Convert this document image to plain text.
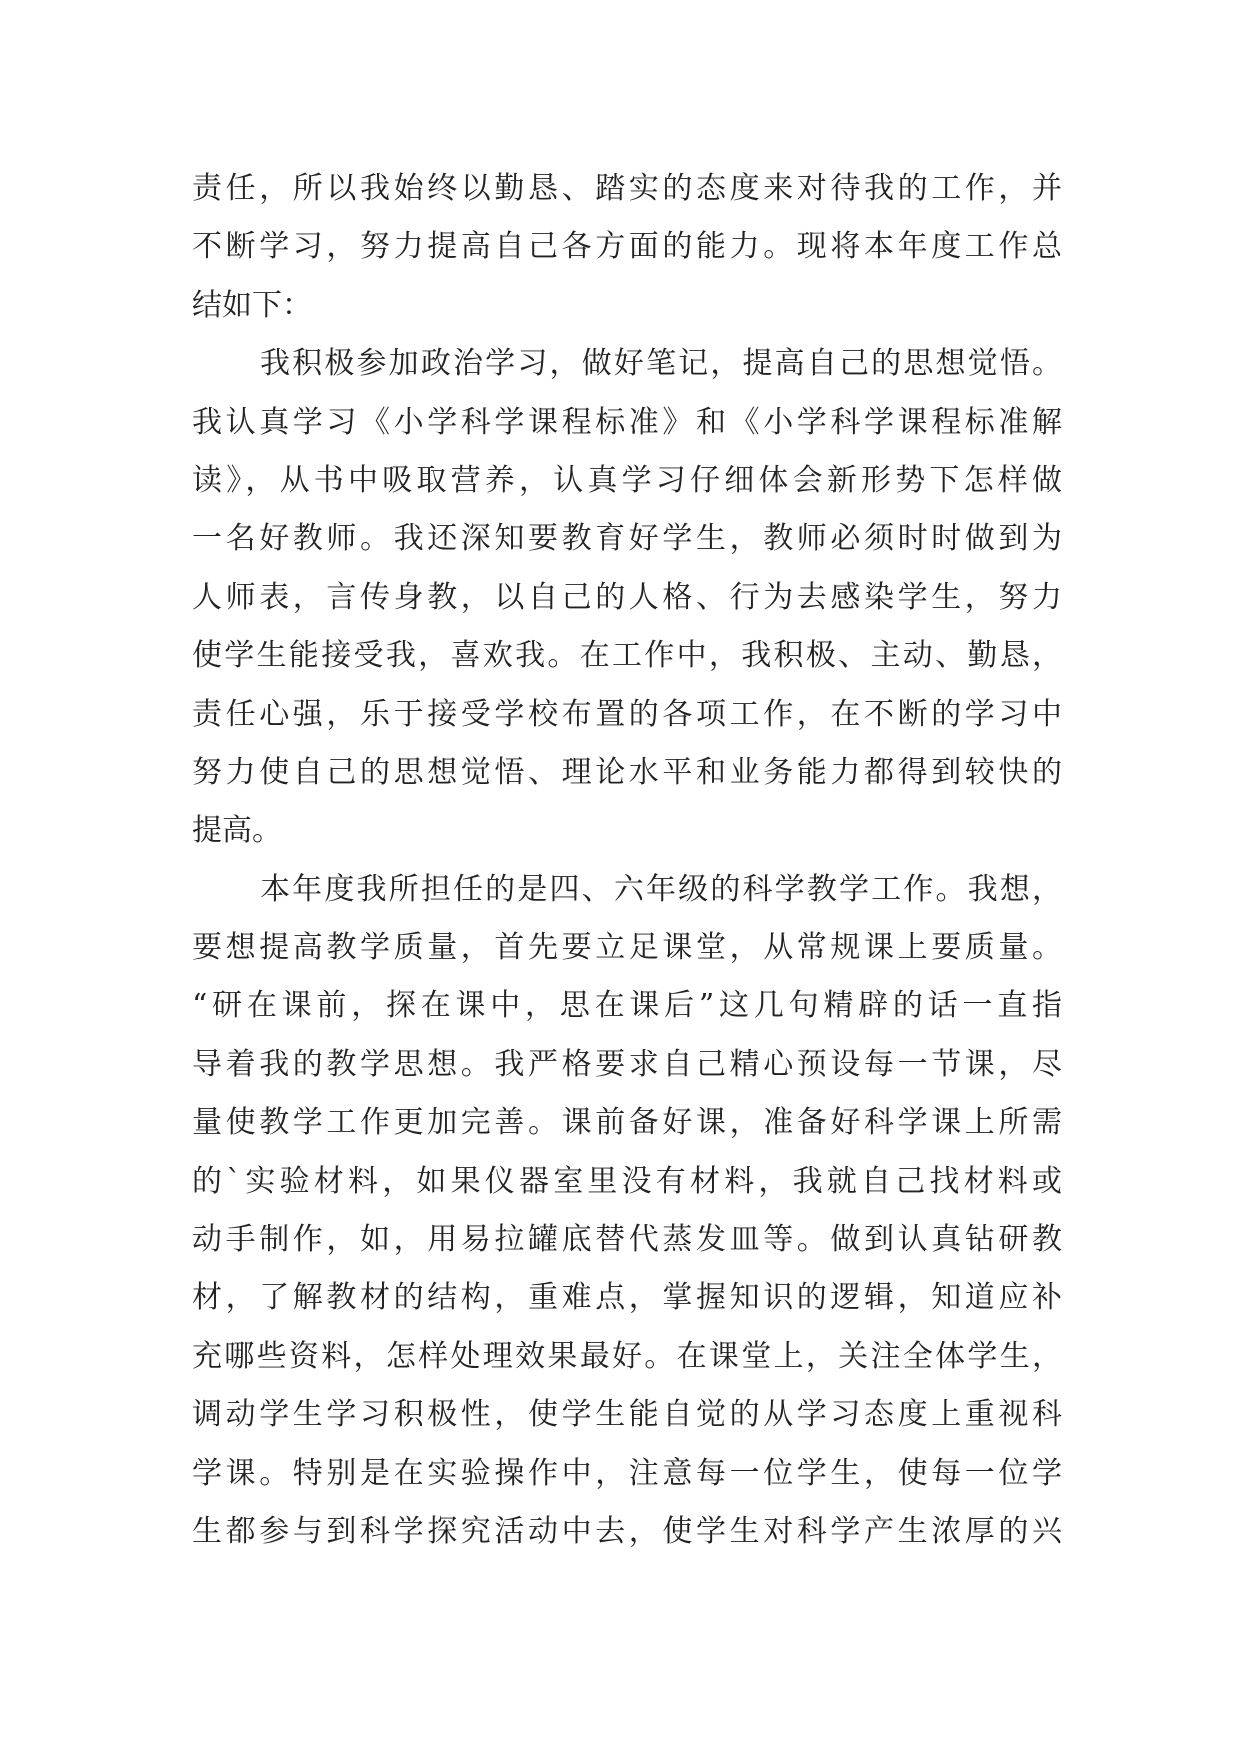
责任，所以我始终以勤恳、踏实的态度来对待我的工作，并
不断学习，努力提高自己各方面的能力。现将本年度工作总
结如下：
我积极参加政治学习，做好笔记，提高自己的思想觉悟。
我认真学习《小学科学课程标准》和《小学科学课程标准解
读》，从书中吸取营养，认真学习仔细体会新形势下怎样做
一名好教师。我还深知要教育好学生，教师必须时时做到为
人师表，言传身教，以自己的人格、行为去感染学生，努力
使学生能接受我，喜欢我。在工作中，我积极、主动、勤恳，
责任心强，乐于接受学校布置的各项工作，在不断的学习中
努力使自己的思想觉悟、理论水平和业务能力都得到较快的
提高。
本年度我所担任的是四、六年级的科学教学工作。我想，
要想提高教学质量，首先要立足课堂，从常规课上要质量。
“研在课前，探在课中，思在课后”这几句精辟的话一直指
导着我的教学思想。我严格要求自己精心预设每一节课，尽
量使教学工作更加完善。课前备好课，准备好科学课上所需
的`实验材料，如果仪器室里没有材料，我就自己找材料或
动手制作，如，用易拉罐底替代蒸发皿等。做到认真钻研教
材，了解教材的结构，重难点，掌握知识的逻辑，知道应补
充哪些资料，怎样处理效果最好。在课堂上，关注全体学生，
调动学生学习积极性，使学生能自觉的从学习态度上重视科
学课。特别是在实验操作中，注意每一位学生，使每一位学
生都参与到科学探究活动中去，使学生对科学产生浓厚的兴
